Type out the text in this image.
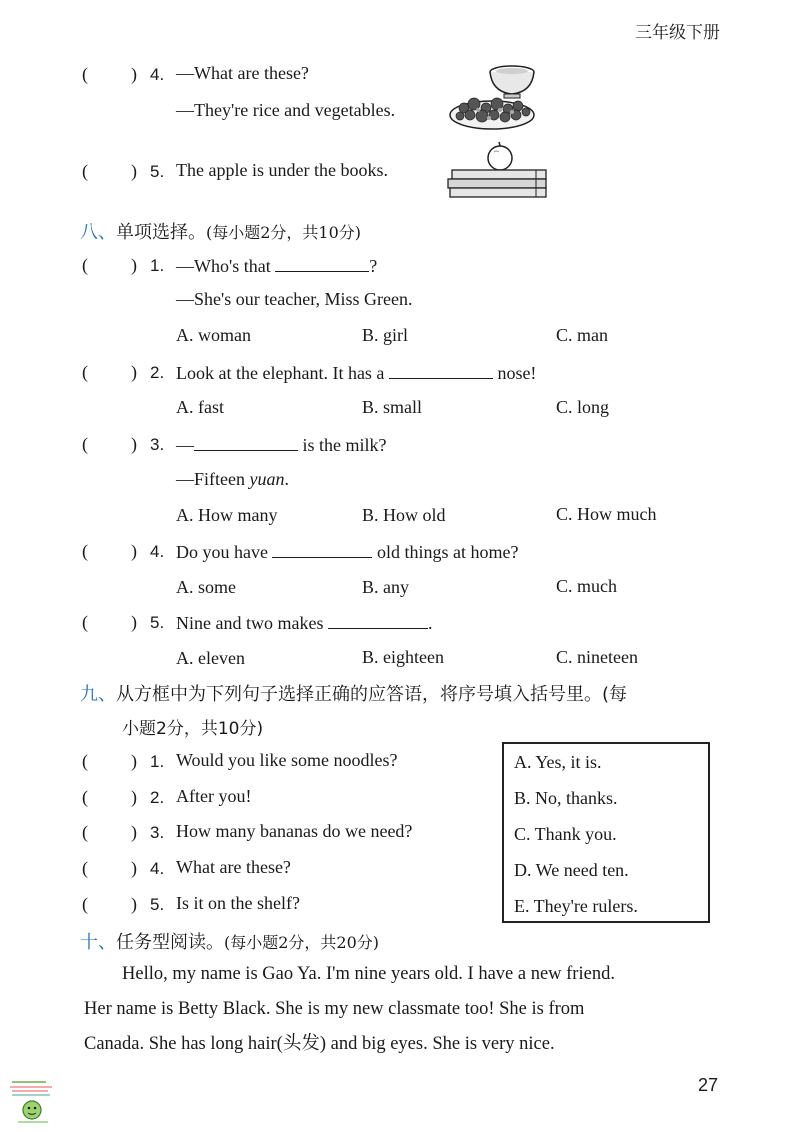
三年级下册
( ) 4. —What are these?
—They're rice and vegetables.
( ) 5. The apple is under the books.
八、单项选择。(每小题2分，共10分)
( ) 1. —Who's that	?
—She's our teacher, Miss Green.
A. woman	B. girl	C. man
( ) 2. Look at the elephant. It has a	nose!
A. fast	B. small	C. long
( ) 3. —	is the milk?
—Fifteen yuan.
A. How many	B. How old	C. How much
( ) 4. Do you have	old things at home?
A. some	B. any	C. much
( ) 5. Nine and two makes	.
A. eleven	B. eighteen	C. nineteen
九、从方框中为下列句子选择正确的应答语，将序号填入括号里。(每
小题2分，共10分)
( ) 1. Would you like some noodles?
( ) 2. After you!
( ) 3. How many bananas do we need?
( ) 4. What are these?
( ) 5. Is it on the shelf?
A. Yes, it is.
B. No, thanks.
C. Thank you.
D. We need ten.
E. They're rulers.
十、任务型阅读。(每小题2分，共20分)
Hello, my name is Gao Ya. I'm nine years old. I have a new friend.
Her name is Betty Black. She is my new classmate too! She is from
Canada. She has long hair(头发) and big eyes. She is very nice.
27
